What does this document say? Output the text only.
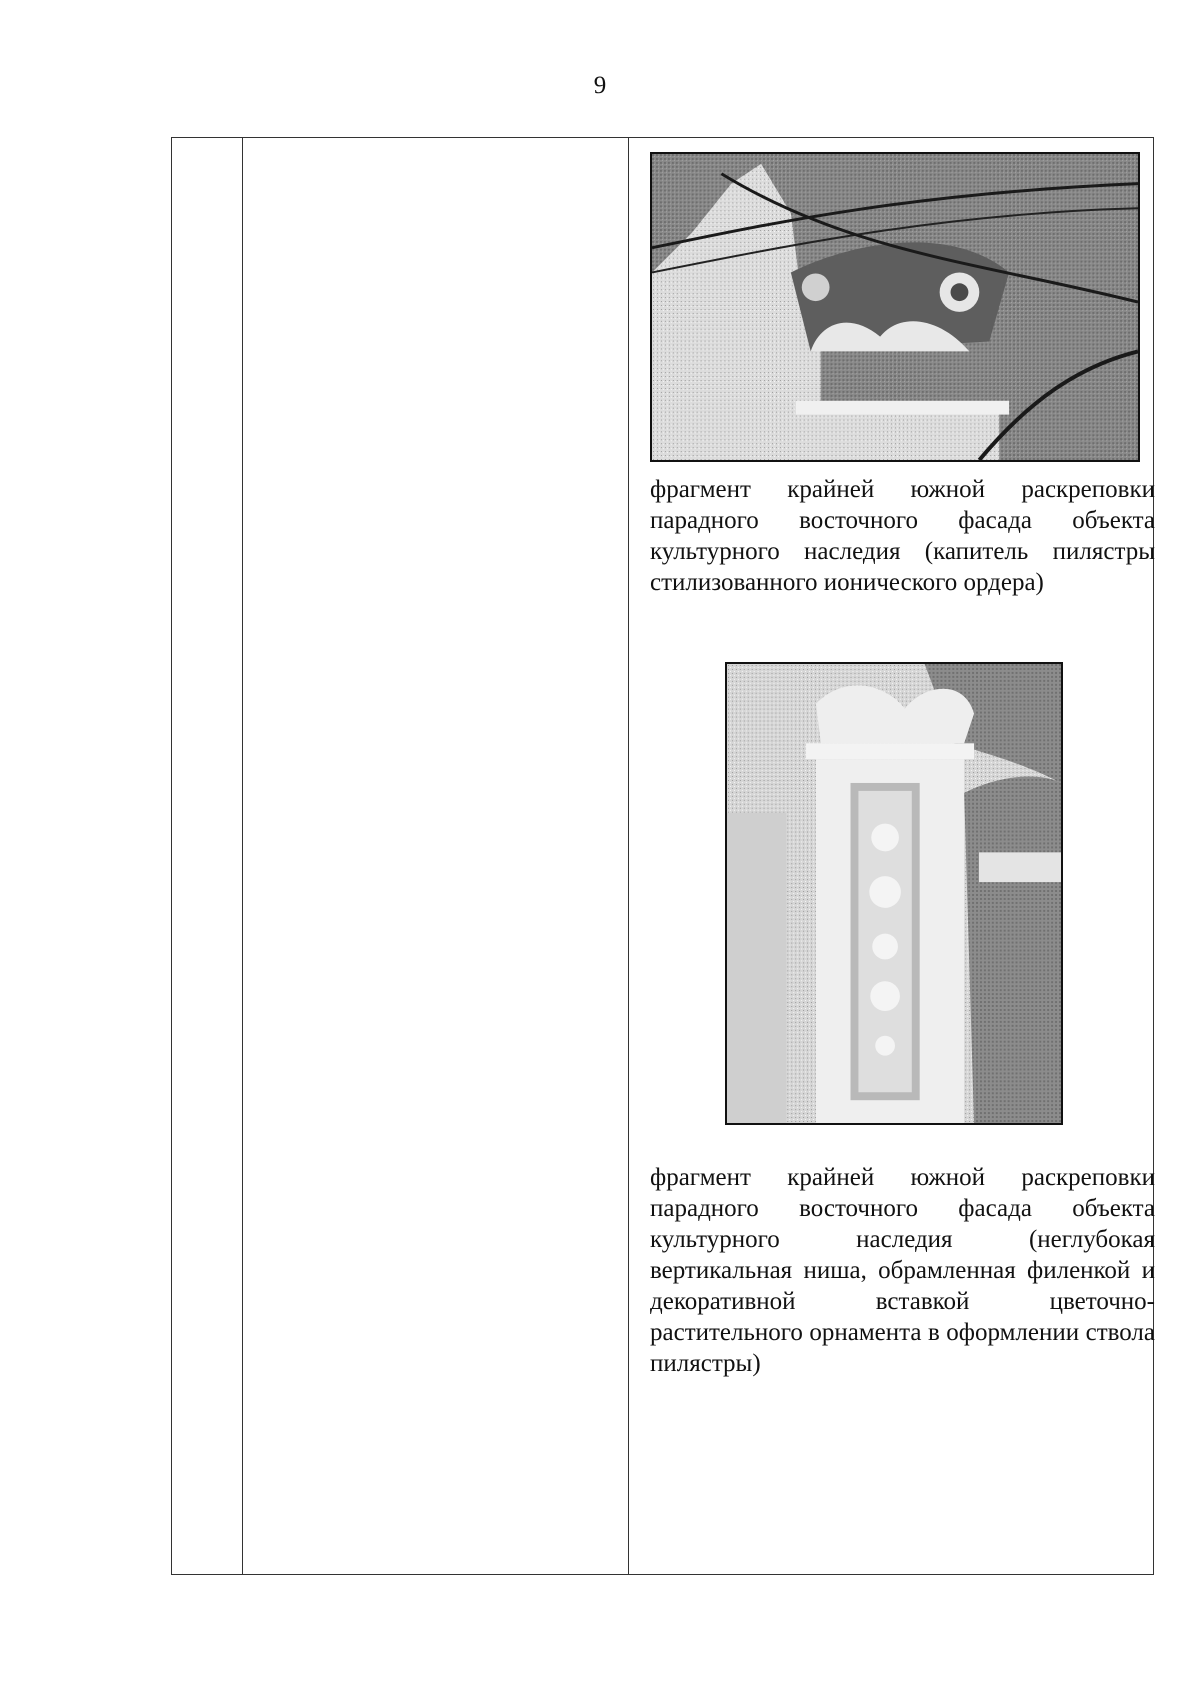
9
фрагмент крайней южной раскреповки парадного восточного фасада объекта культурного наследия (капитель пилястры стилизованного ионического ордера)
фрагмент крайней южной раскреповки парадного восточного фасада объекта культурного наследия (неглубокая вертикальная ниша, обрамленная филенкой и декоративной вставкой цветочно-растительного орнамента в оформлении ствола пилястры)
